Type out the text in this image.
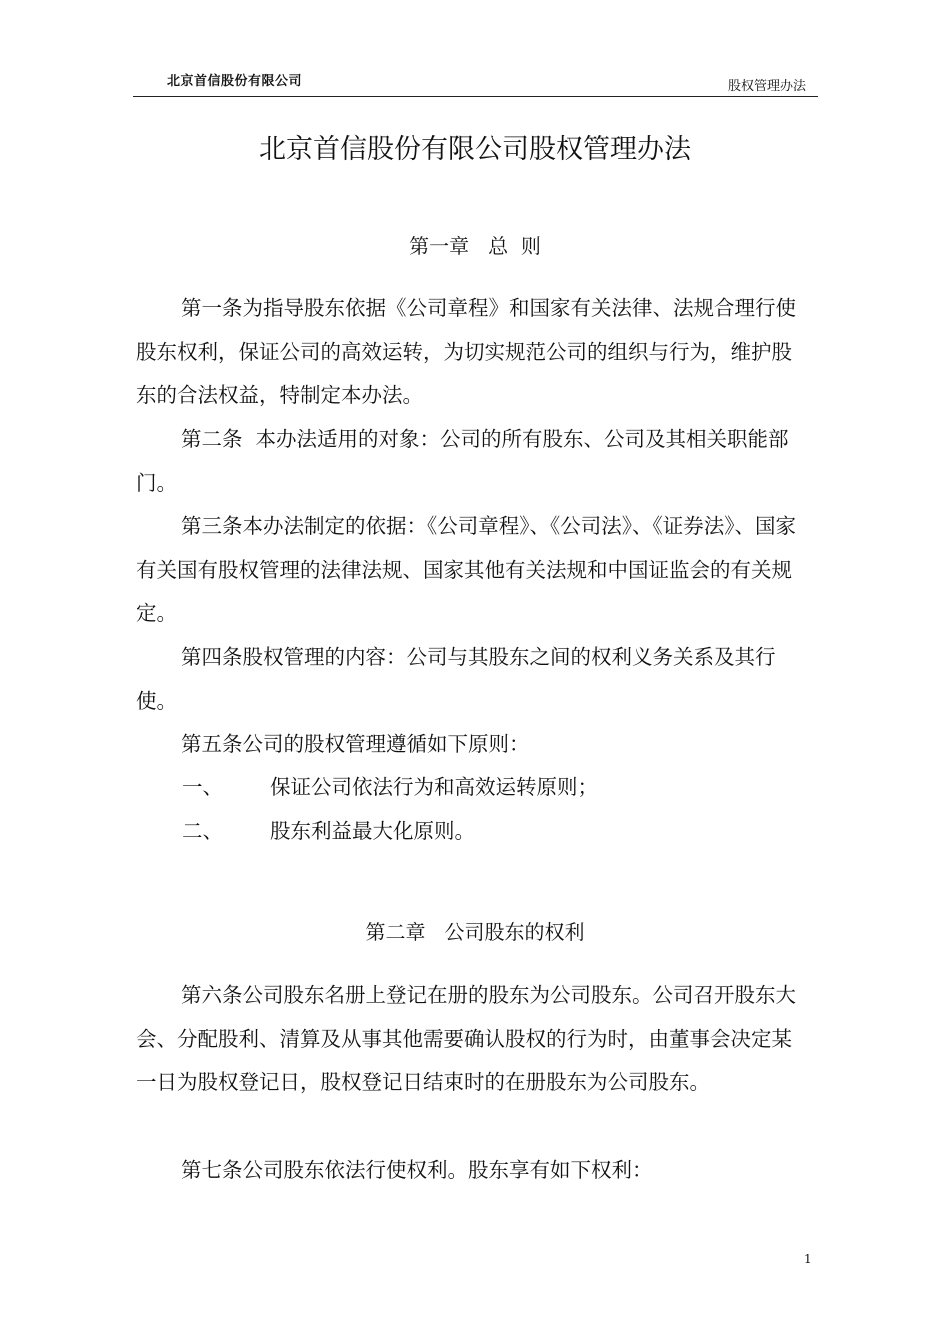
北京首信股份有限公司	股权管理办法
北京首信股份有限公司股权管理办法
第一章   总  则

第一条为指导股东依据《公司章程》和国家有关法律、法规合理行使股东权利，保证公司的高效运转，为切实规范公司的组织与行为，维护股东的合法权益，特制定本办法。

第二条  本办法适用的对象：公司的所有股东、公司及其相关职能部门。

第三条本办法制定的依据：《公司章程》、《公司法》、《证券法》、国家有关国有股权管理的法律法规、国家其他有关法规和中国证监会的有关规定。

第四条股权管理的内容：公司与其股东之间的权利义务关系及其行使。

第五条公司的股权管理遵循如下原则：

一、 保证公司依法行为和高效运转原则；
二、 股东利益最大化原则。
第二章   公司股东的权利

第六条公司股东名册上登记在册的股东为公司股东。公司召开股东大会、分配股利、清算及从事其他需要确认股权的行为时，由董事会决定某一日为股权登记日，股权登记日结束时的在册股东为公司股东。

第七条公司股东依法行使权利。股东享有如下权利：

1
